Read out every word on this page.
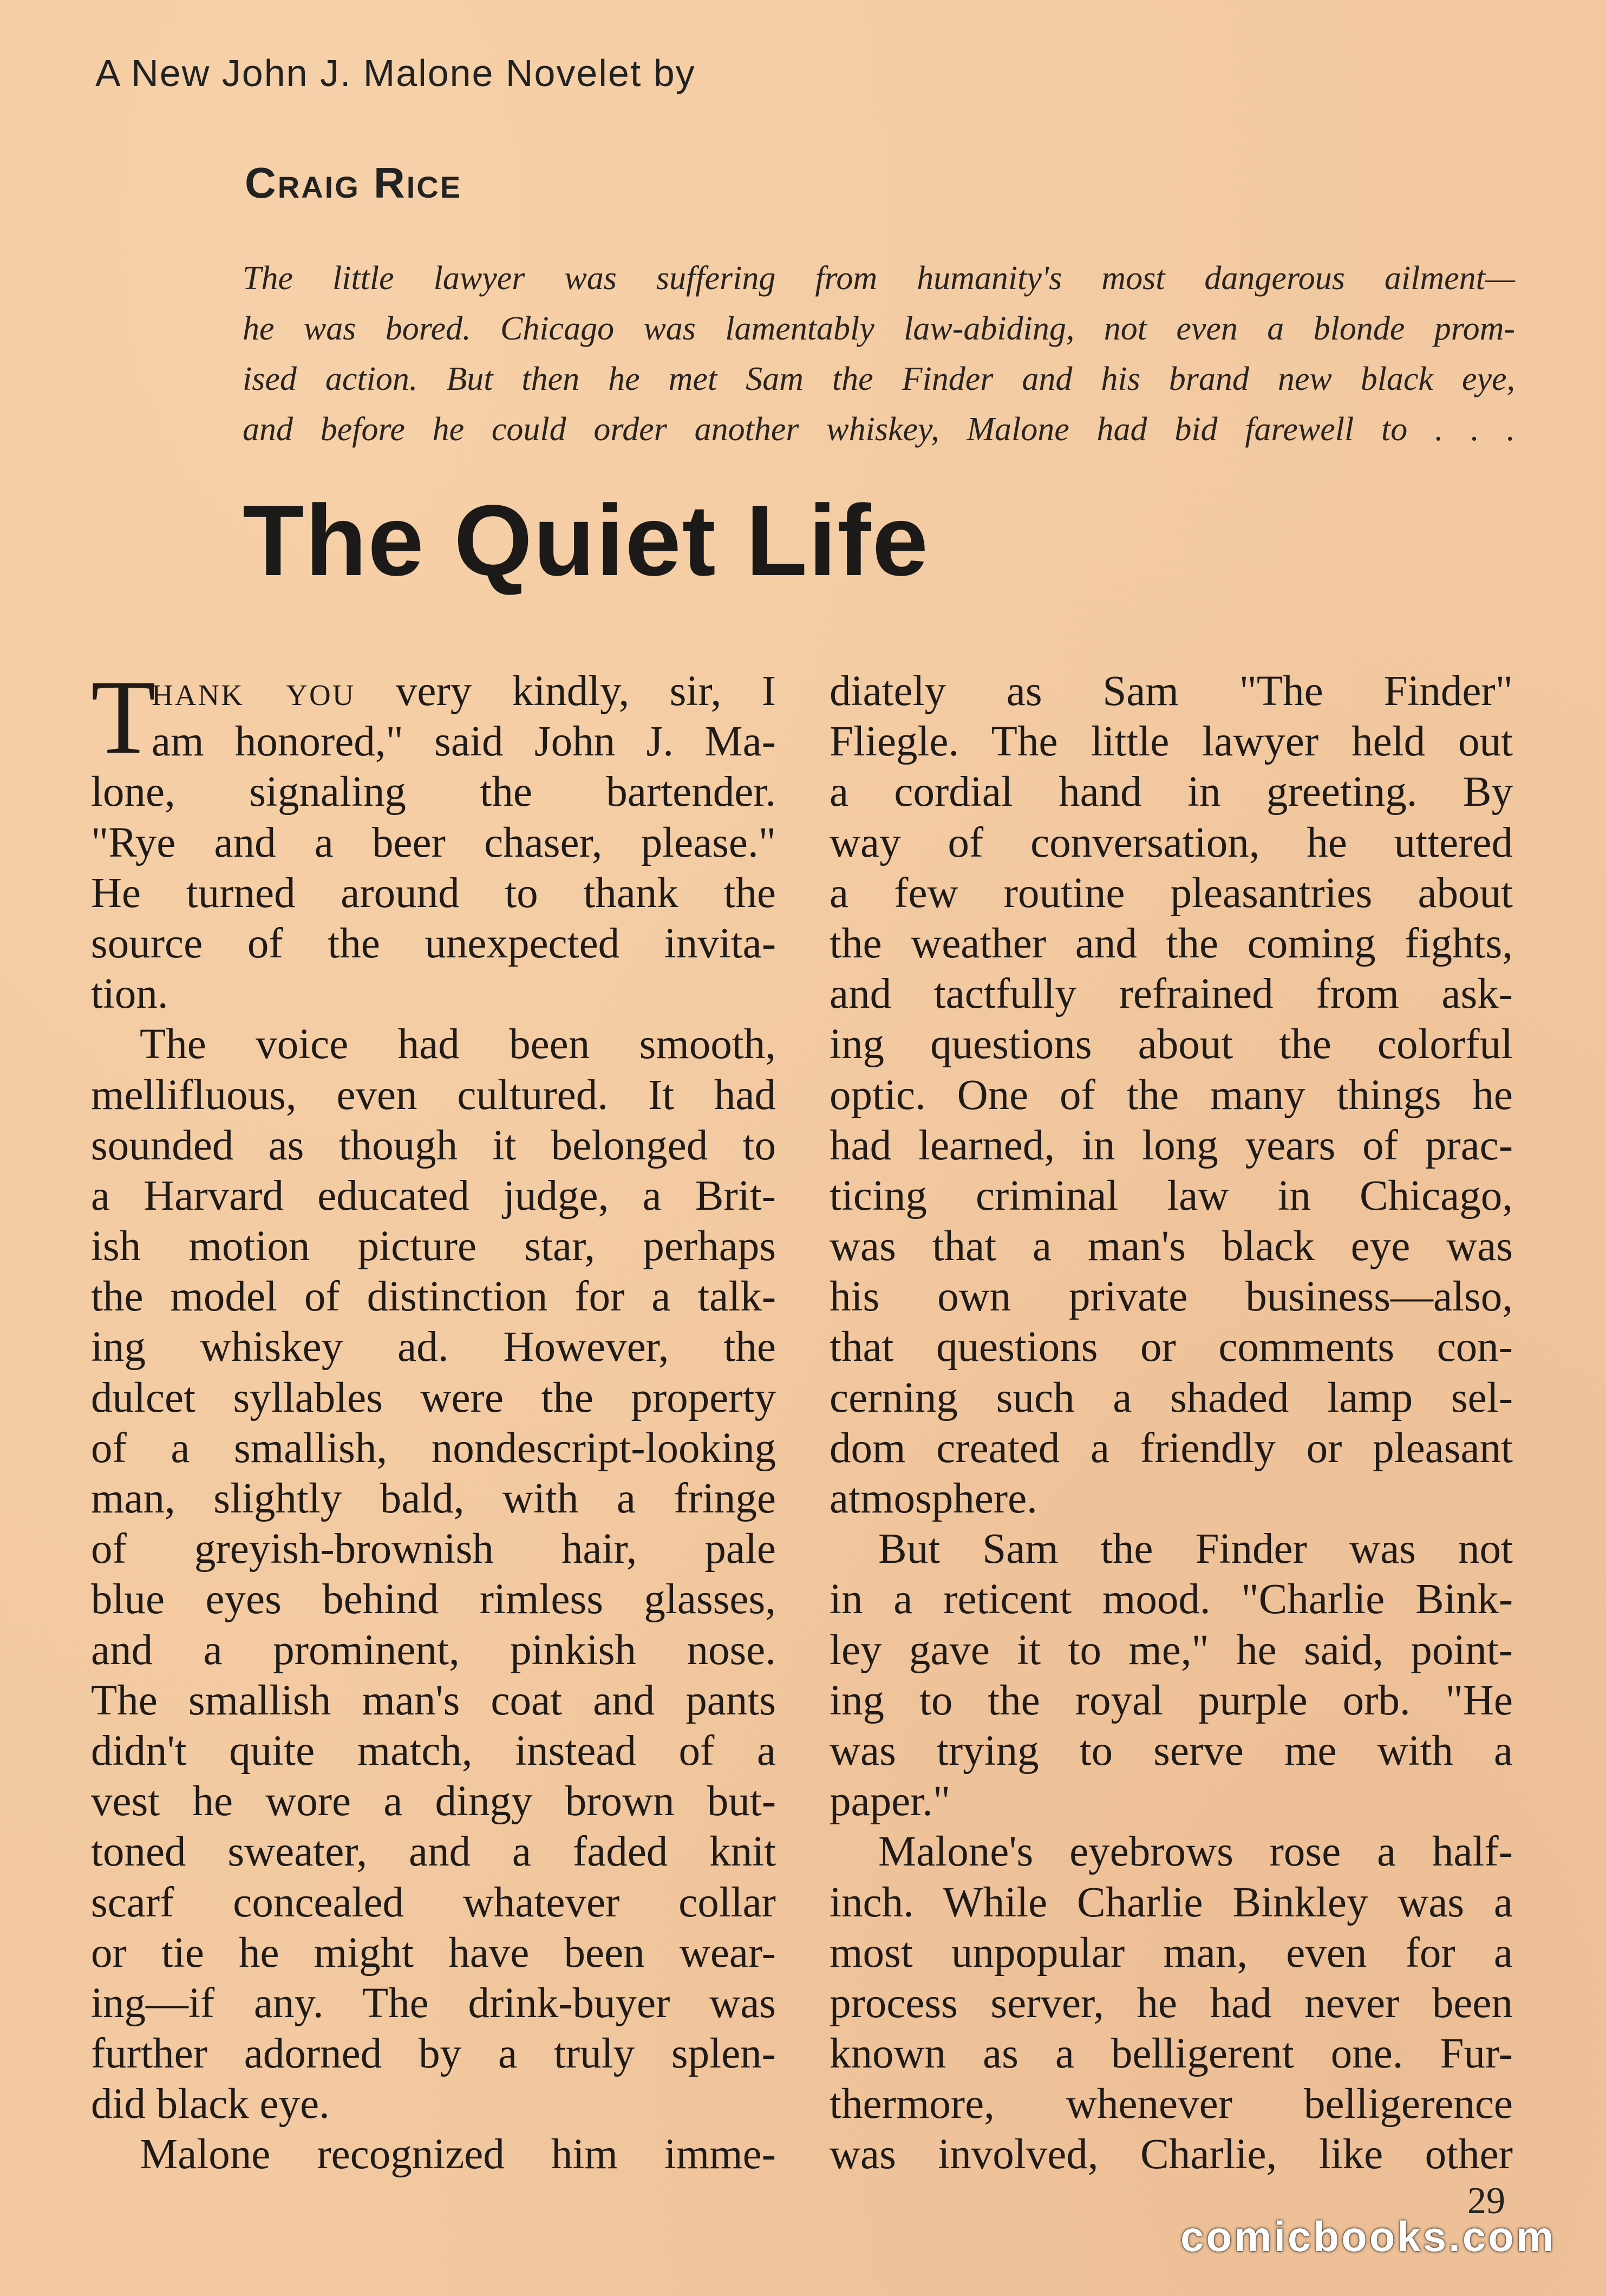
A New John J. Malone Novelet by
Craig Rice
The little lawyer was suffering from humanity's most dangerous ailment—
he was bored. Chicago was lamentably law-abiding, not even a blonde prom-
ised action. But then he met Sam the Finder and his brand new black eye,
and before he could order another whiskey, Malone had bid farewell to . . .
The Quiet Life
T
hank you very kindly, sir, I
am honored," said John J. Ma-
lone, signaling the bartender.
"Rye and a beer chaser, please."
He turned around to thank the
source of the unexpected invita-
tion.
The voice had been smooth,
mellifluous, even cultured. It had
sounded as though it belonged to
a Harvard educated judge, a Brit-
ish motion picture star, perhaps
the model of distinction for a talk-
ing whiskey ad. However, the
dulcet syllables were the property
of a smallish, nondescript-looking
man, slightly bald, with a fringe
of greyish-brownish hair, pale
blue eyes behind rimless glasses,
and a prominent, pinkish nose.
The smallish man's coat and pants
didn't quite match, instead of a
vest he wore a dingy brown but-
toned sweater, and a faded knit
scarf concealed whatever collar
or tie he might have been wear-
ing—if any. The drink-buyer was
further adorned by a truly splen-
did black eye.
Malone recognized him imme-
diately as Sam "The Finder"
Fliegle. The little lawyer held out
a cordial hand in greeting. By
way of conversation, he uttered
a few routine pleasantries about
the weather and the coming fights,
and tactfully refrained from ask-
ing questions about the colorful
optic. One of the many things he
had learned, in long years of prac-
ticing criminal law in Chicago,
was that a man's black eye was
his own private business—also,
that questions or comments con-
cerning such a shaded lamp sel-
dom created a friendly or pleasant
atmosphere.
But Sam the Finder was not
in a reticent mood. "Charlie Bink-
ley gave it to me," he said, point-
ing to the royal purple orb. "He
was trying to serve me with a
paper."
Malone's eyebrows rose a half-
inch. While Charlie Binkley was a
most unpopular man, even for a
process server, he had never been
known as a belligerent one. Fur-
thermore, whenever belligerence
was involved, Charlie, like other
29
comicbooks.com
